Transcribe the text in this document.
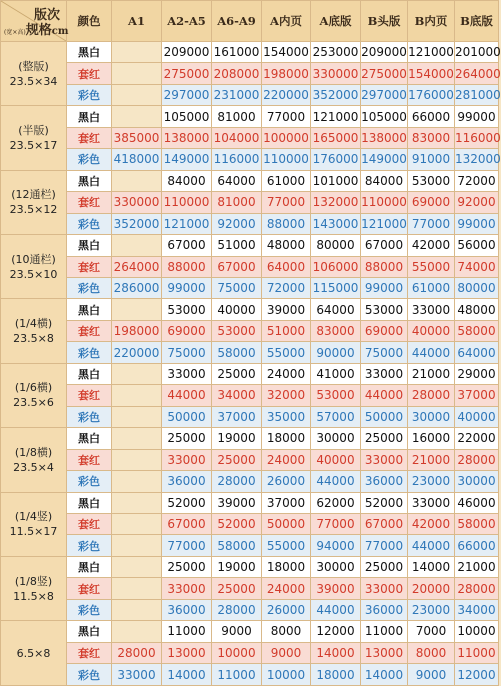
版次
(宽×高)规格cm	颜色	A1	A2-A5	A6-A9	A内页	A底版	B头版	B内页	B底版

(整版)
23.5×34	黑白		209000	161000	154000	253000	209000	121000	201000
	套红		275000	208000	198000	330000	275000	154000	264000
	彩色		297000	231000	220000	352000	297000	176000	281000

(半版)
23.5×17	黑白		105000	81000	77000	121000	105000	66000	99000
	套红	385000	138000	104000	100000	165000	138000	83000	116000
	彩色	418000	149000	116000	110000	176000	149000	91000	132000

(12通栏)
23.5×12	黑白		84000	64000	61000	101000	84000	53000	72000
	套红	330000	110000	81000	77000	132000	110000	69000	92000
	彩色	352000	121000	92000	88000	143000	121000	77000	99000

(10通栏)
23.5×10	黑白		67000	51000	48000	80000	67000	42000	56000
	套红	264000	88000	67000	64000	106000	88000	55000	74000
	彩色	286000	99000	75000	72000	115000	99000	61000	80000

(1/4横)
23.5×8	黑白		53000	40000	39000	64000	53000	33000	48000
	套红	198000	69000	53000	51000	83000	69000	40000	58000
	彩色	220000	75000	58000	55000	90000	75000	44000	64000

(1/6横)
23.5×6	黑白		33000	25000	24000	41000	33000	21000	29000
	套红		44000	34000	32000	53000	44000	28000	37000
	彩色		50000	37000	35000	57000	50000	30000	40000

(1/8横)
23.5×4	黑白		25000	19000	18000	30000	25000	16000	22000
	套红		33000	25000	24000	40000	33000	21000	28000
	彩色		36000	28000	26000	44000	36000	23000	30000

(1/4竖)
11.5×17	黑白		52000	39000	37000	62000	52000	33000	46000
	套红		67000	52000	50000	77000	67000	42000	58000
	彩色		77000	58000	55000	94000	77000	44000	66000

(1/8竖)
11.5×8	黑白		25000	19000	18000	30000	25000	14000	21000
	套红		33000	25000	24000	39000	33000	20000	28000
	彩色		36000	28000	26000	44000	36000	23000	34000

6.5×8	黑白		11000	9000	8000	12000	11000	7000	10000
	套红	28000	13000	10000	9000	14000	13000	8000	11000
	彩色	33000	14000	11000	10000	18000	14000	9000	12000
